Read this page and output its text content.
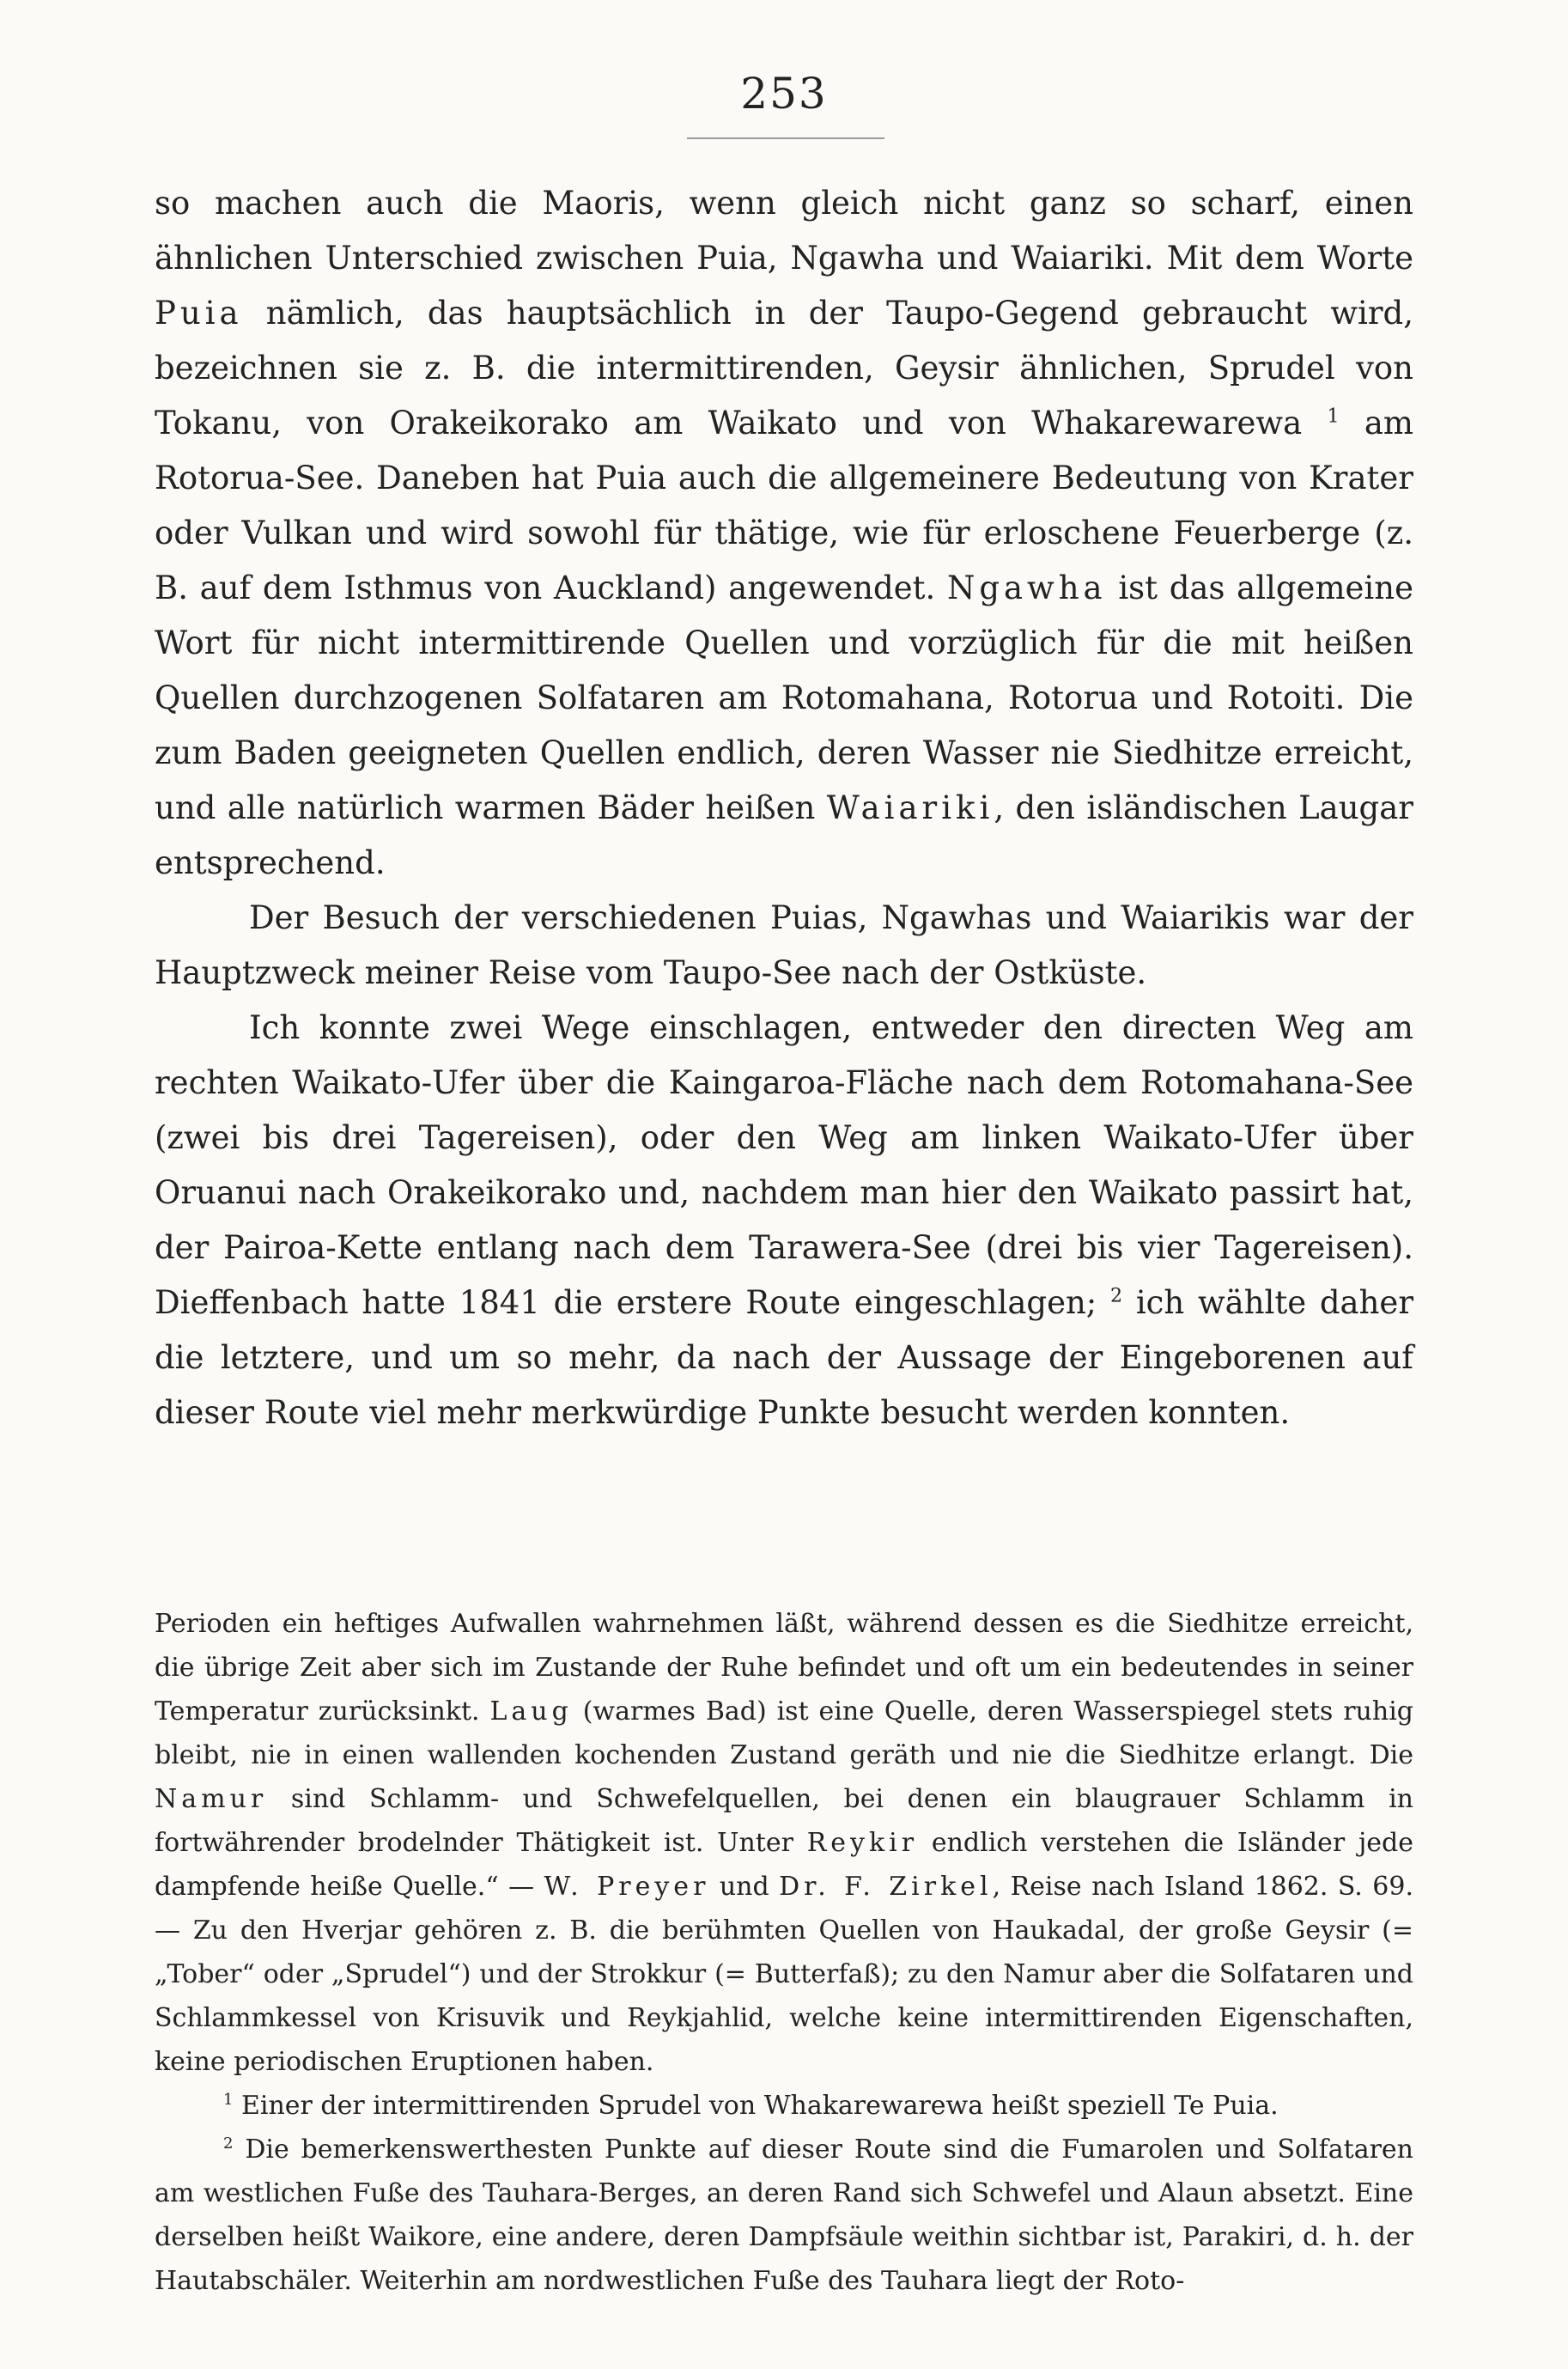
253

so machen auch die Maoris, wenn gleich nicht ganz so scharf, einen ähnlichen Unterschied zwischen Puia, Ngawha und Waiariki. Mit dem Worte Puia nämlich, das hauptsächlich in der Taupo-Gegend gebraucht wird, bezeichnen sie z. B. die intermittirenden, Geysir ähnlichen, Sprudel von Tokanu, von Orakeikorako am Waikato und von Whakarewarewa $^1$ am Rotorua-See. Daneben hat Puia auch die allgemeinere Bedeutung von Krater oder Vulkan und wird sowohl für thätige, wie für erloschene Feuerberge (z. B. auf dem Isthmus von Auckland) angewendet. Ngawha ist das allgemeine Wort für nicht intermittirende Quellen und vorzüglich für die mit heißen Quellen durchzogenen Solfataren am Rotomahana, Rotorua und Rotoiti. Die zum Baden geeigneten Quellen endlich, deren Wasser nie Siedhitze erreicht, und alle natürlich warmen Bäder heißen Waiariki, den isländischen Laugar entsprechend.

Der Besuch der verschiedenen Puias, Ngawhas und Waiarikis war der Hauptzweck meiner Reise vom Taupo-See nach der Ostküste.

Ich konnte zwei Wege einschlagen, entweder den directen Weg am rechten Waikato-Ufer über die Kaingaroa-Fläche nach dem Rotomahana-See (zwei bis drei Tagereisen), oder den Weg am linken Waikato-Ufer über Oruanui nach Orakeikorako und, nachdem man hier den Waikato passirt hat, der Pairoa-Kette entlang nach dem Tarawera-See (drei bis vier Tagereisen). Dieffenbach hatte 1841 die erstere Route eingeschlagen; $^2$ ich wählte daher die letztere, und um so mehr, da nach der Aussage der Eingeborenen auf dieser Route viel mehr merkwürdige Punkte besucht werden konnten.

Perioden ein heftiges Aufwallen wahrnehmen läßt, während dessen es die Siedhitze erreicht, die übrige Zeit aber sich im Zustande der Ruhe befindet und oft um ein bedeutendes in seiner Temperatur zurücksinkt. Laug (warmes Bad) ist eine Quelle, deren Wasserspiegel stets ruhig bleibt, nie in einen wallenden kochenden Zustand geräth und nie die Siedhitze erlangt. Die Namur sind Schlamm- und Schwefelquellen, bei denen ein blaugrauer Schlamm in fortwährender brodelnder Thätigkeit ist. Unter Reykir endlich verstehen die Isländer jede dampfende heiße Quelle.“ — W. Preyer und Dr. F. Zirkel, Reise nach Island 1862. S. 69. — Zu den Hverjar gehören z. B. die berühmten Quellen von Haukadal, der große Geysir (= „Tober“ oder „Sprudel“) und der Strokkur (= Butterfaß); zu den Namur aber die Solfataren und Schlammkessel von Krisuvik und Reykjahlid, welche keine intermittirenden Eigenschaften, keine periodischen Eruptionen haben.

$^1$ Einer der intermittirenden Sprudel von Whakarewarewa heißt speziell Te Puia.

$^2$ Die bemerkenswerthesten Punkte auf dieser Route sind die Fumarolen und Solfataren am westlichen Fuße des Tauhara-Berges, an deren Rand sich Schwefel und Alaun absetzt. Eine derselben heißt Waikore, eine andere, deren Dampfsäule weithin sichtbar ist, Parakiri, d. h. der Hautabschäler. Weiterhin am nordwestlichen Fuße des Tauhara liegt der Roto-
